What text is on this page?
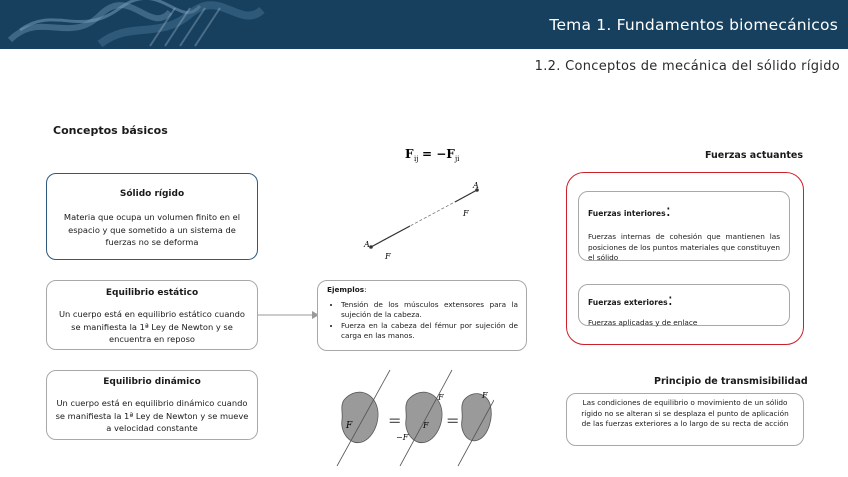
Tema 1. Fundamentos biomecánicos
1.2. Conceptos de mecánica del sólido rígido
Conceptos básicos
Sólido rígido
Materia que ocupa un volumen finito en el espacio y que sometido a un sistema de fuerzas no se deforma
Equilibrio estático
Un cuerpo está en equilibrio estático cuando se manifiesta la 1ª Ley de Newton y se encuentra en reposo
Equilibrio dinámico
Un cuerpo está en equilibrio dinámico cuando se manifiesta la 1ª Ley de Newton y se mueve a velocidad constante
Ejemplos:
• Tensión de los músculos extensores para la sujeción de la cabeza.
• Fuerza en la cabeza del fémur por sujeción de carga en las manos.
F ij = −F ji
A
A
F
F
Fuerzas actuantes
Fuerzas interiores:
Fuerzas internas de cohesión que mantienen las posiciones de los puntos materiales que constituyen el sólido
Fuerzas exteriores:
Fuerzas aplicadas y de enlace
Principio de transmisibilidad
Las condiciones de equilibrio o movimiento de un sólido rígido no se alteran si se desplaza el punto de aplicación de las fuerzas exteriores a lo largo de su recta de acción
F =
F
F
−F
=
F
